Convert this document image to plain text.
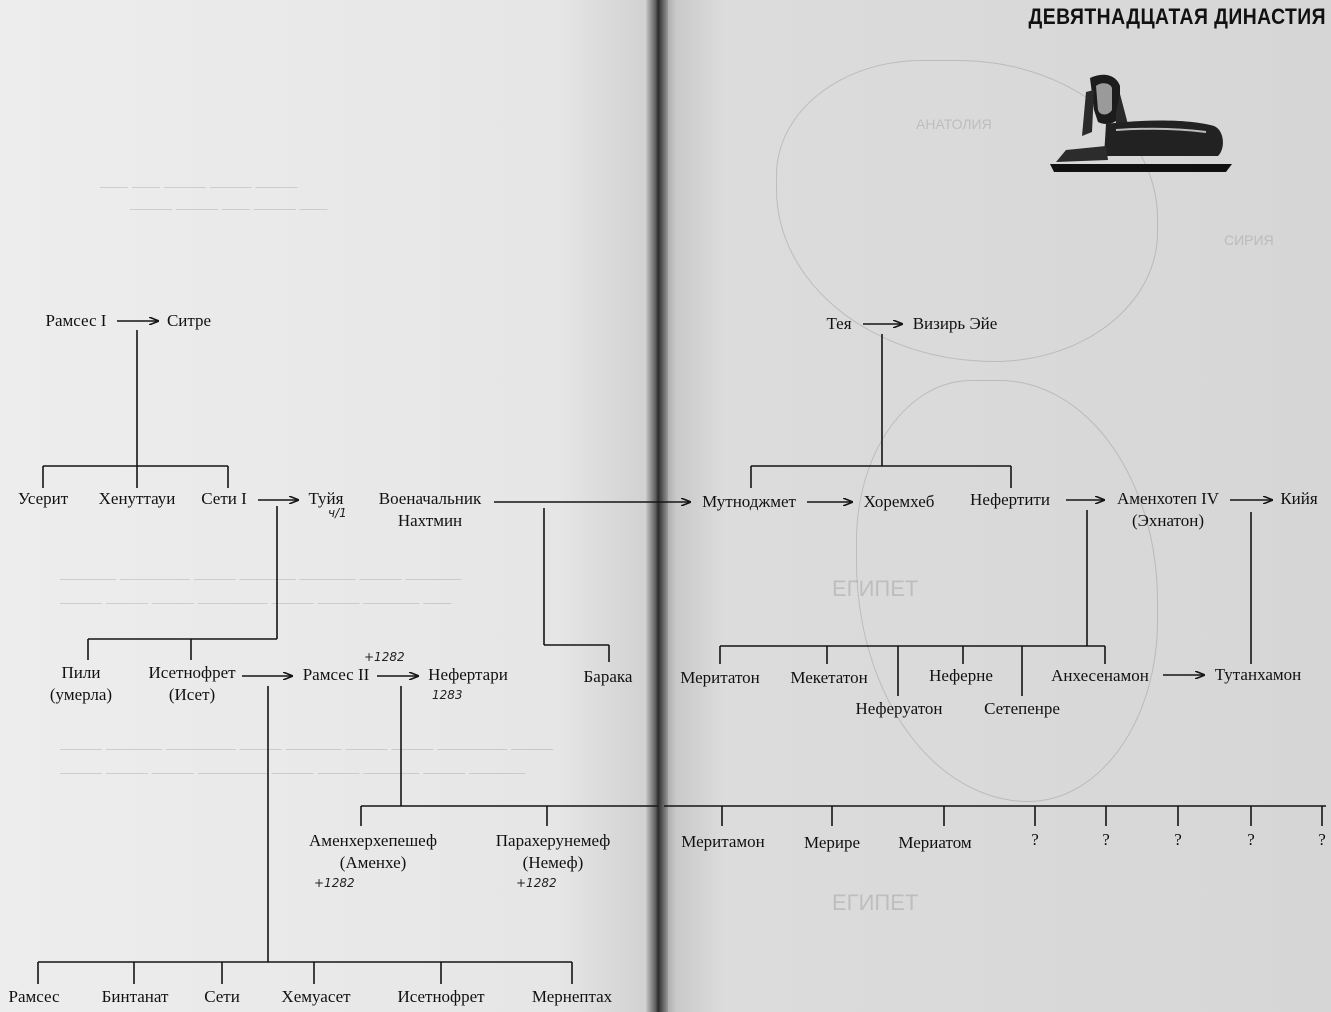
—— —— ——— ——— ———
——— ——— —— ——— ——
———— ————— ——— ———— ———— ——— ————
——— ——— ——— ————— ——— ——— ———— ——
——— ———— ————— ——— ———— ——— ——— ————— ———
——— ——— ——— ————— ——— ——— ———— ——— ————
АНАТОЛИЯ
СИРИЯ
ЕГИПЕТ
ЕГИПЕТ
ДЕВЯТНАДЦАТАЯ ДИНАСТИЯ
Рамсес I	Ситре
Усерит Хенуттауи Сети I	Туйя Военачальник
Нахтмин
Пили
(умерла)
Исетнофрет
(Исет)
Рамсес II	Нефертари	Барака
Аменхерхепешеф
(Аменхе)
Парахерунемеф
(Немеф)
Рамсес Бинтанат Сети Хемуасет	Исетнофрет	Мернептах
ч/1
+1282
1283
+1282	+1282
Тея	Визирь Эйе
Мутноджмет	Хоремхеб Нефертити	Аменхотеп IV
(Эхнатон)
Кийя
Меритатон Мекетатон
Неферуатон
Неферне
Сетепенре
Анхесенамон	Тутанхамон
Меритамон Мерире Мериатом	?	?	?	?	?
